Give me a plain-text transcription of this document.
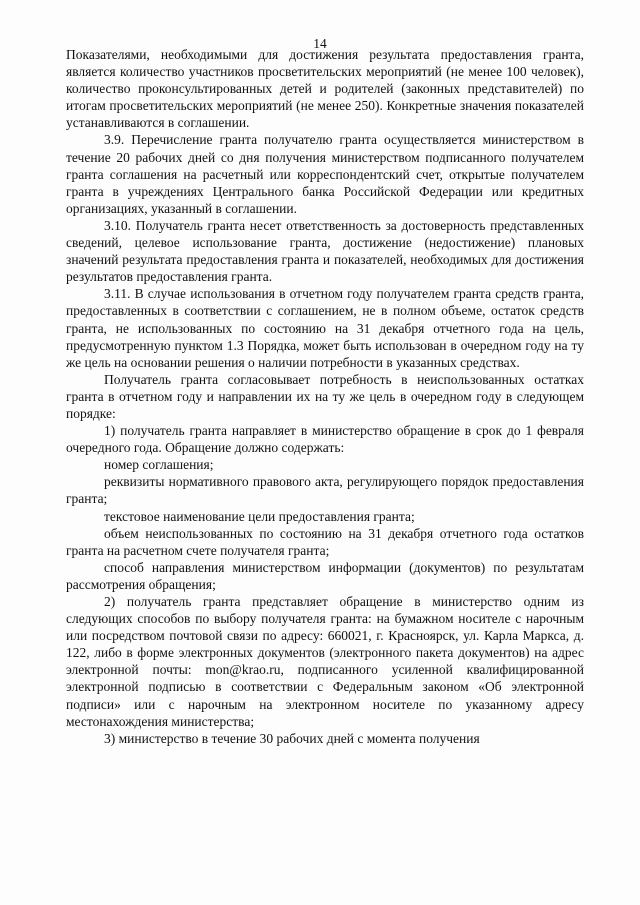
14

Показателями, необходимыми для достижения результата предоставления гранта, является количество участников просветительских мероприятий (не менее 100 человек), количество проконсультированных детей и родителей (законных представителей) по итогам просветительских мероприятий (не менее 250). Конкретные значения показателей устанавливаются в соглашении.

3.9. Перечисление гранта получателю гранта осуществляется министерством в течение 20 рабочих дней со дня получения министерством подписанного получателем гранта соглашения на расчетный или корреспондентский счет, открытые получателем гранта в учреждениях Центрального банка Российской Федерации или кредитных организациях, указанный в соглашении.

3.10. Получатель гранта несет ответственность за достоверность представленных сведений, целевое использование гранта, достижение (недостижение) плановых значений результата предоставления гранта и показателей, необходимых для достижения результатов предоставления гранта.

3.11. В случае использования в отчетном году получателем гранта средств гранта, предоставленных в соответствии с соглашением, не в полном объеме, остаток средств гранта, не использованных по состоянию на 31 декабря отчетного года на цель, предусмотренную пунктом 1.3 Порядка, может быть использован в очередном году на ту же цель на основании решения о наличии потребности в указанных средствах.

Получатель гранта согласовывает потребность в неиспользованных остатках гранта в отчетном году и направлении их на ту же цель в очередном году в следующем порядке:

1) получатель гранта направляет в министерство обращение в срок до 1 февраля очередного года. Обращение должно содержать:

номер соглашения;

реквизиты нормативного правового акта, регулирующего порядок предоставления гранта;

текстовое наименование цели предоставления гранта;

объем неиспользованных по состоянию на 31 декабря отчетного года остатков гранта на расчетном счете получателя гранта;

способ направления министерством информации (документов) по результатам рассмотрения обращения;

2) получатель гранта представляет обращение в министерство одним из следующих способов по выбору получателя гранта: на бумажном носителе с нарочным или посредством почтовой связи по адресу: 660021, г. Красноярск, ул. Карла Маркса, д. 122, либо в форме электронных документов (электронного пакета документов) на адрес электронной почты: mon@krao.ru, подписанного усиленной квалифицированной электронной подписью в соответствии с Федеральным законом «Об электронной подписи» или с нарочным на электронном носителе по указанному адресу местонахождения министерства;

3) министерство в течение 30 рабочих дней с момента получения
